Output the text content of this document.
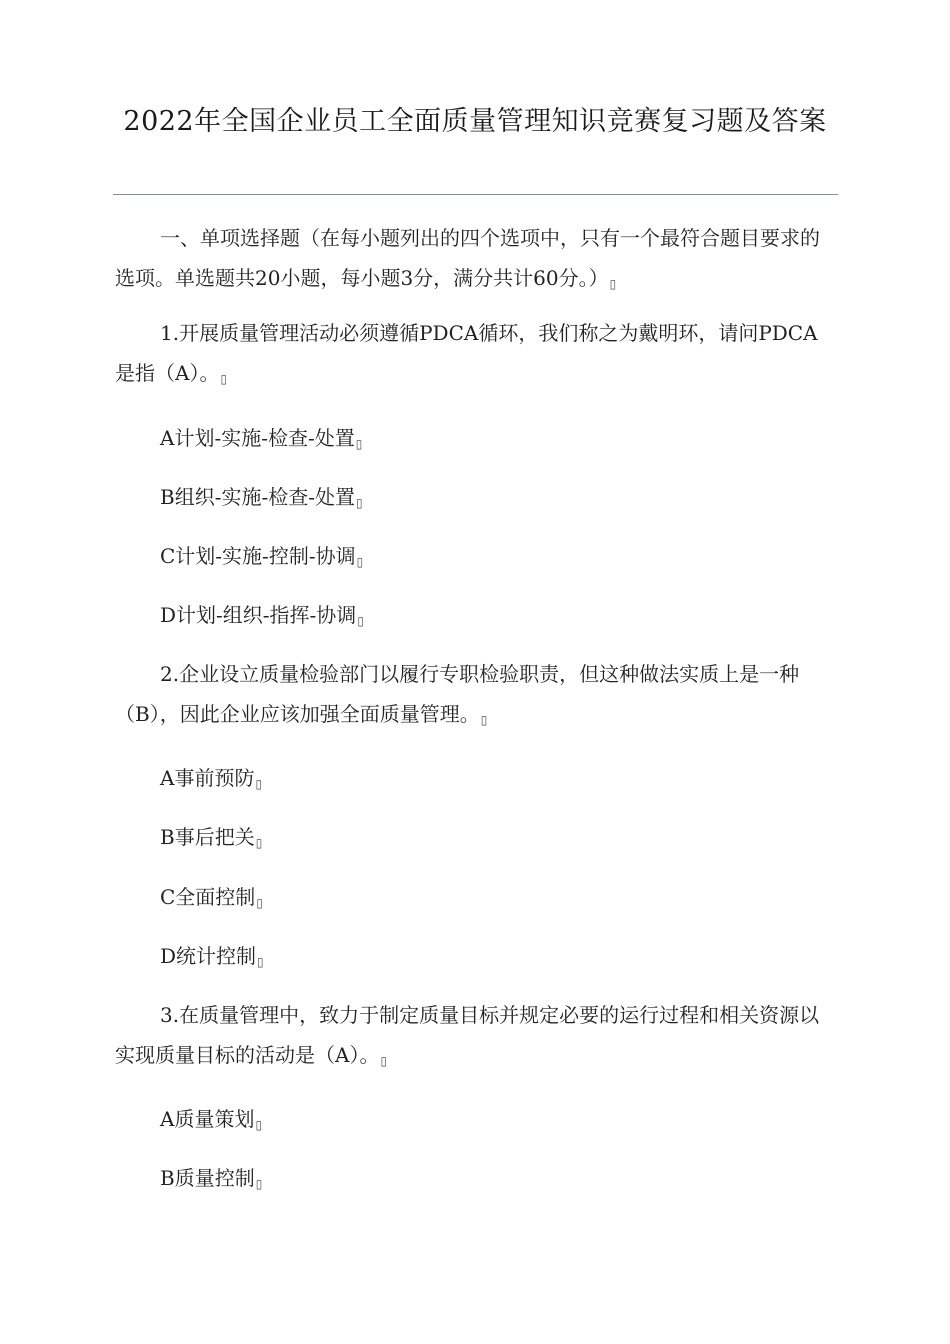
2022年全国企业员工全面质量管理知识竞赛复习题及答案

一、单项选择题（在每小题列出的四个选项中，只有一个最符合题目要求的选项。单选题共20小题，每小题3分，满分共计60分。）▯

1.开展质量管理活动必须遵循PDCA循环，我们称之为戴明环，请问PDCA是指（A）。▯

A计划-实施-检查-处置▯

B组织-实施-检查-处置▯

C计划-实施-控制-协调▯

D计划-组织-指挥-协调▯

2.企业设立质量检验部门以履行专职检验职责，但这种做法实质上是一种（B），因此企业应该加强全面质量管理。▯

A事前预防▯

B事后把关▯

C全面控制▯

D统计控制▯

3.在质量管理中，致力于制定质量目标并规定必要的运行过程和相关资源以实现质量目标的活动是（A）。▯

A质量策划▯

B质量控制▯
